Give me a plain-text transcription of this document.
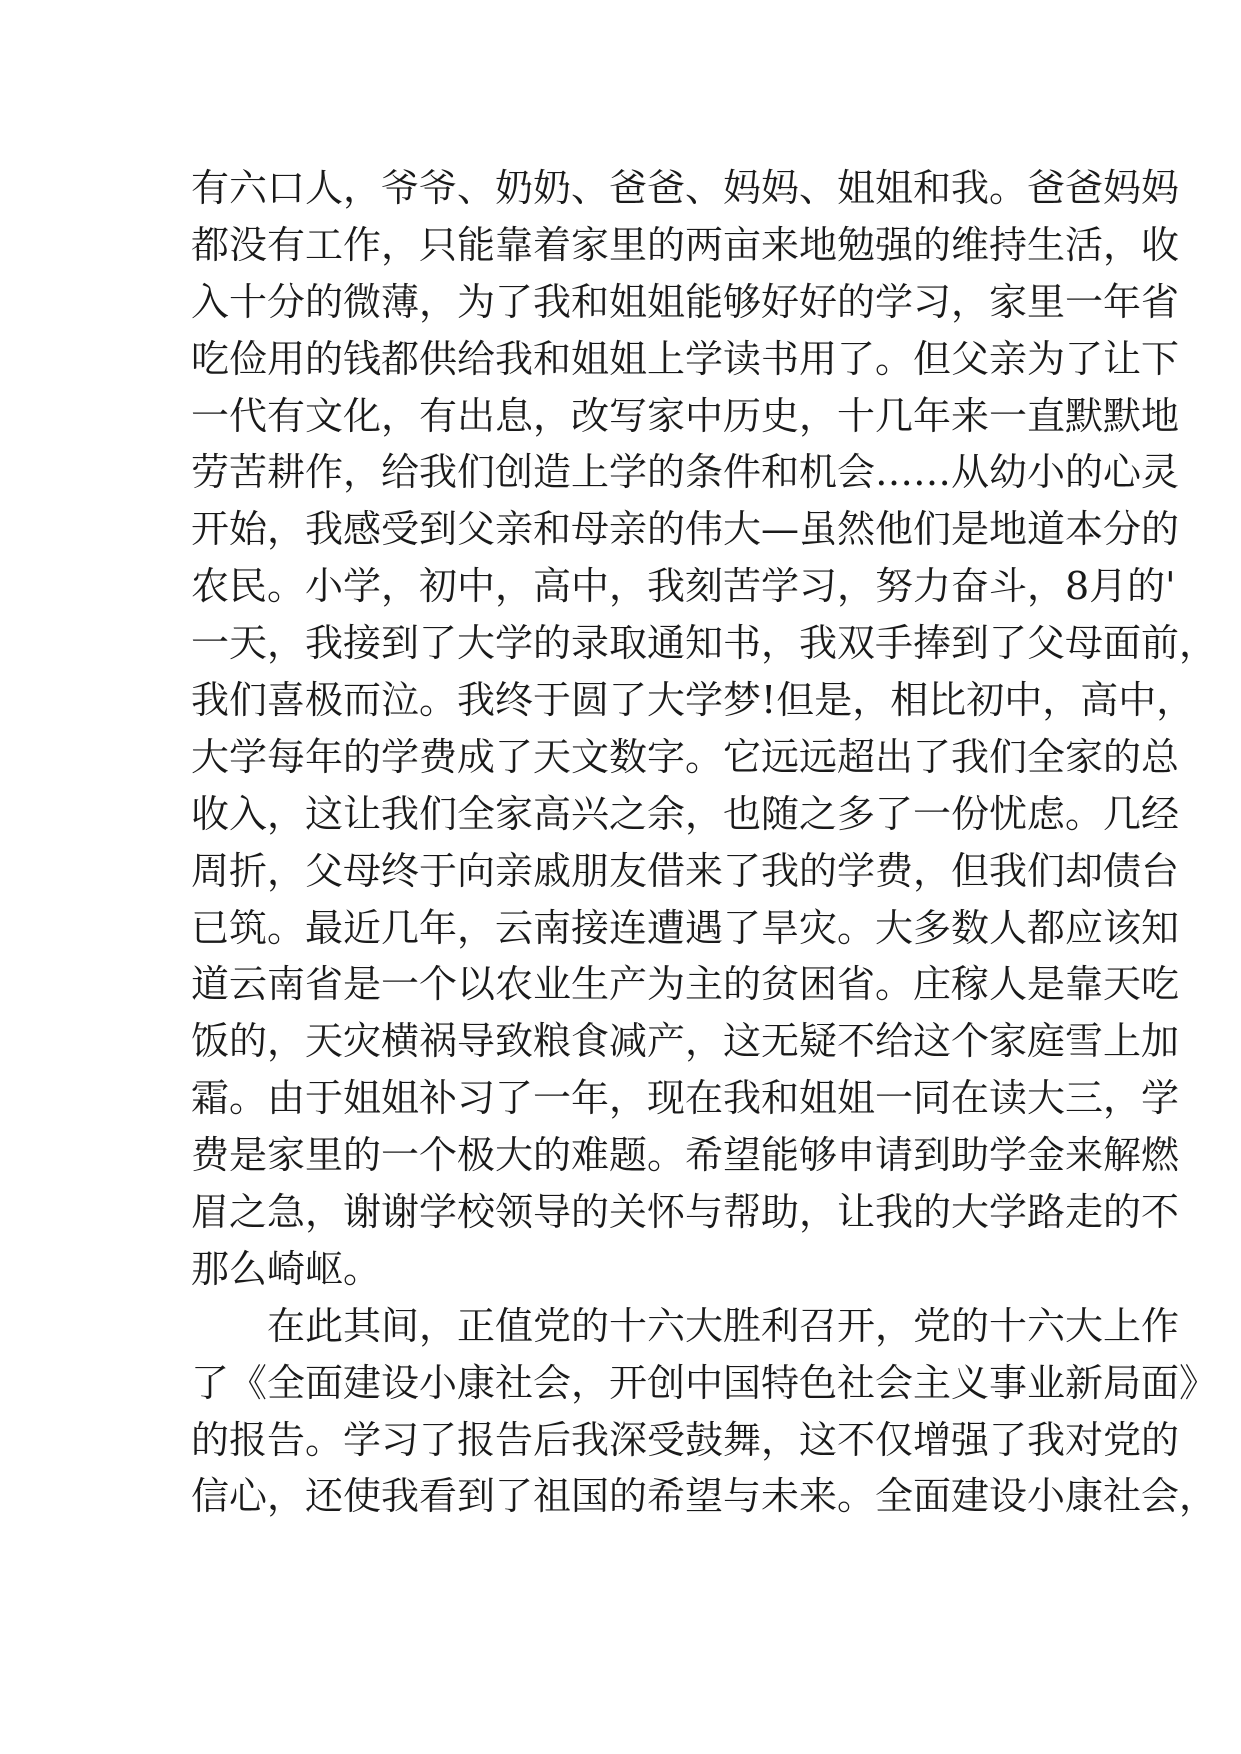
有六口人，爷爷、奶奶、爸爸、妈妈、姐姐和我。爸爸妈妈
都没有工作，只能靠着家里的两亩来地勉强的维持生活，收
入十分的微薄，为了我和姐姐能够好好的学习，家里一年省
吃俭用的钱都供给我和姐姐上学读书用了。但父亲为了让下
一代有文化，有出息，改写家中历史，十几年来一直默默地
劳苦耕作，给我们创造上学的条件和机会……从幼小的心灵
开始，我感受到父亲和母亲的伟大—虽然他们是地道本分的
农民。小学，初中，高中，我刻苦学习，努力奋斗，8月的'
一天，我接到了大学的录取通知书，我双手捧到了父母面前，
我们喜极而泣。我终于圆了大学梦!但是，相比初中，高中，
大学每年的学费成了天文数字。它远远超出了我们全家的总
收入，这让我们全家高兴之余，也随之多了一份忧虑。几经
周折，父母终于向亲戚朋友借来了我的学费，但我们却债台
已筑。最近几年，云南接连遭遇了旱灾。大多数人都应该知
道云南省是一个以农业生产为主的贫困省。庄稼人是靠天吃
饭的，天灾横祸导致粮食减产，这无疑不给这个家庭雪上加
霜。由于姐姐补习了一年，现在我和姐姐一同在读大三，学
费是家里的一个极大的难题。希望能够申请到助学金来解燃
眉之急，谢谢学校领导的关怀与帮助，让我的大学路走的不
那么崎岖。
在此其间，正值党的十六大胜利召开，党的十六大上作
了《全面建设小康社会，开创中国特色社会主义事业新局面》
的报告。学习了报告后我深受鼓舞，这不仅增强了我对党的
信心，还使我看到了祖国的希望与未来。全面建设小康社会，
